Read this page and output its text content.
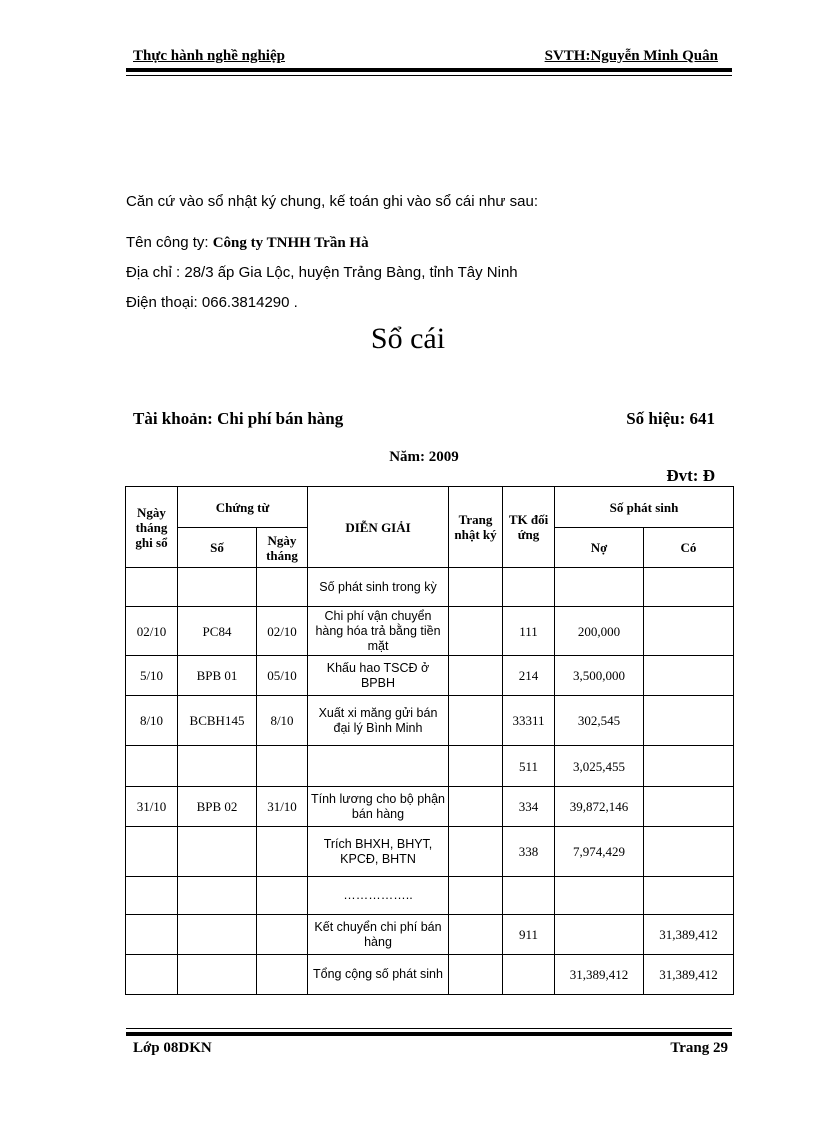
Thực hành nghề nghiệp	SVTH:Nguyễn Minh Quân
Căn cứ vào sổ nhật ký chung, kế toán ghi vào sổ cái như sau:
Tên công ty: Công ty TNHH Trần Hà
Địa chỉ : 28/3 ấp Gia Lộc, huyện Trảng Bàng, tỉnh Tây Ninh
Điện thoại: 066.3814290 .
Sổ cái
Tài khoản: Chi phí bán hàng	Số hiệu: 641
Năm: 2009
Đvt: Đ
Ngày tháng ghi sổ	Chứng từ		DIỄN GIẢI	Trang nhật ký	TK đối ứng	Số phát sinh	
	Số	Ngày tháng				Nợ	Có
			Số phát sinh trong kỳ				
02/10	PC84	02/10	Chi phí vận chuyển hàng hóa trả bằng tiền mặt		111	200,000	
5/10	BPB 01	05/10	Khấu hao TSCĐ ở BPBH		214	3,500,000	
8/10	BCBH145	8/10	Xuất xi măng gửi bán đại lý Bình Minh		33311	302,545	
					511	3,025,455	
31/10	BPB 02	31/10	Tính lương cho bộ phận bán hàng		334	39,872,146	
			Trích BHXH, BHYT, KPCĐ, BHTN		338	7,974,429	
			……………..				
			Kết chuyển chi phí bán hàng		911		31,389,412
			Tổng cộng số phát sinh			31,389,412	31,389,412
Lớp 08DKN	Trang 29
